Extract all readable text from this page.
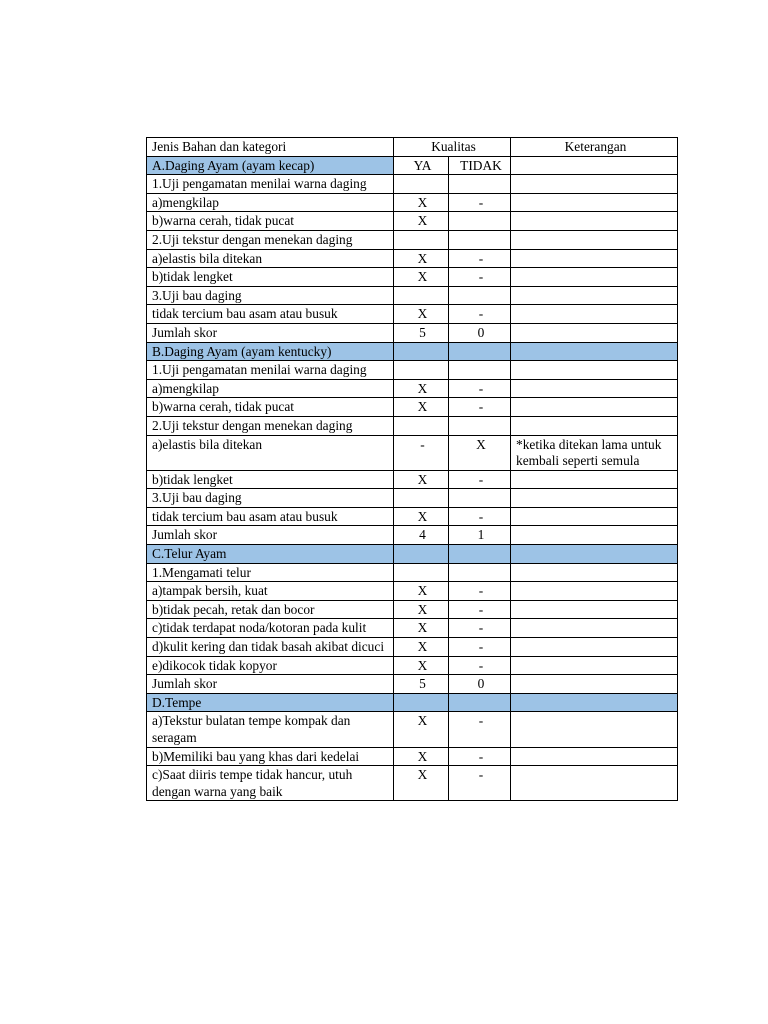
Jenis Bahan dan kategori	Kualitas		Keterangan
A.Daging Ayam (ayam kecap)	YA	TIDAK	
1.Uji pengamatan menilai warna daging			
a)mengkilap	X	-	
b)warna cerah, tidak pucat	X		
2.Uji tekstur dengan menekan daging			
a)elastis bila ditekan	X	-	
b)tidak lengket	X	-	
3.Uji bau daging			
tidak tercium bau asam atau busuk	X	-	
Jumlah skor	5	0	
B.Daging Ayam (ayam kentucky)			
1.Uji pengamatan menilai warna daging			
a)mengkilap	X	-	
b)warna cerah, tidak pucat	X	-	
2.Uji tekstur dengan menekan daging			
a)elastis bila ditekan	-	X	*ketika ditekan lama untuk kembali seperti semula
b)tidak lengket	X	-	
3.Uji bau daging			
tidak tercium bau asam atau busuk	X	-	
Jumlah skor	4	1	
C.Telur Ayam			
1.Mengamati telur			
a)tampak bersih, kuat	X	-	
b)tidak pecah, retak dan bocor	X	-	
c)tidak terdapat noda/kotoran pada kulit	X	-	
d)kulit kering dan tidak basah akibat dicuci	X	-	
e)dikocok tidak kopyor	X	-	
Jumlah skor	5	0	
D.Tempe			
a)Tekstur bulatan tempe kompak dan seragam	X	-	
b)Memiliki bau yang khas dari kedelai	X	-	
c)Saat diiris tempe tidak hancur, utuh dengan warna yang baik	X	-	
